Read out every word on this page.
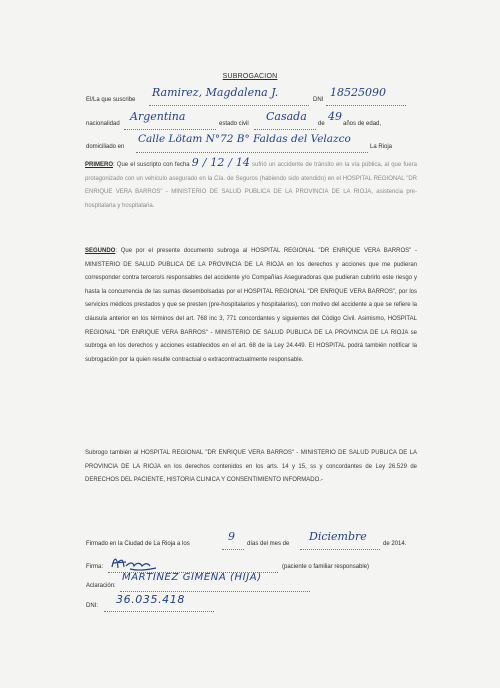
SUBROGACION
El/La que suscribe
Ramirez, Magdalena J.
DNI
18525090
nacionalidad
Argentina
estado civil
Casada
de
49
años de edad,
domiciliado en
Calle Lötam N°72 B° Faldas del Velazco
La Rioja
PRIMERO: Que el suscripto con fecha 9 / 12 / 14 sufrió un accidente de tránsito en la vía pública, al que fuera protagonizado con un vehículo asegurado en la Cía. de Seguros (habiendo sido atendido) en el HOSPITAL REGIONAL "DR ENRIQUE VERA BARROS" - MINISTERIO DE SALUD PUBLICA DE LA PROVINCIA DE LA RIOJA, asistencia pre-hospitalaria y hospitalaria.
SEGUNDO: Que por el presente documento subroga al HOSPITAL REGIONAL "DR ENRIQUE VERA BARROS" - MINISTERIO DE SALUD PUBLICA DE LA PROVINCIA DE LA RIOJA en los derechos y acciones que me pudieran corresponder contra tercero/s responsables del accidente y/o Compañías Aseguradoras que pudieran cubrirlo este riesgo y hasta la concurrencia de las sumas desembolsadas por el HOSPITAL REGIONAL "DR ENRIQUE VERA BARROS", por los servicios médicos prestados y que se presten (pre-hospitalarios y hospitalarios), con motivo del accidente a que se refiere la cláusula anterior en los términos del art. 768 inc 3, 771 concordantes y siguientes del Código Civil. Asimismo, HOSPITAL REGIONAL "DR ENRIQUE VERA BARROS" - MINISTERIO DE SALUD PUBLICA DE LA PROVINCIA DE LA RIOJA se subroga en los derechos y acciones establecidos en el art. 68 de la Ley 24.449. El HOSPITAL podrá también notificar la subrogación por la quien resulte contractual o extracontractualmente responsable.
Subrogo también al HOSPITAL REGIONAL "DR ENRIQUE VERA BARROS" - MINISTERIO DE SALUD PUBLICA DE LA PROVINCIA DE LA RIOJA en los derechos contenidos en los arts. 14 y 15, ss y concordantes de Ley 26.529 de DERECHOS DEL PACIENTE, HISTORIA CLINICA Y CONSENTIMIENTO INFORMADO.-
Firmado en la Ciudad de La Rioja a los
9
días del mes de
Diciembre
de 2014.
Firma:	(paciente o familiar responsable)
Aclaración:
MARTINEZ GIMENA (HIJA)
DNI: 36.035.418
